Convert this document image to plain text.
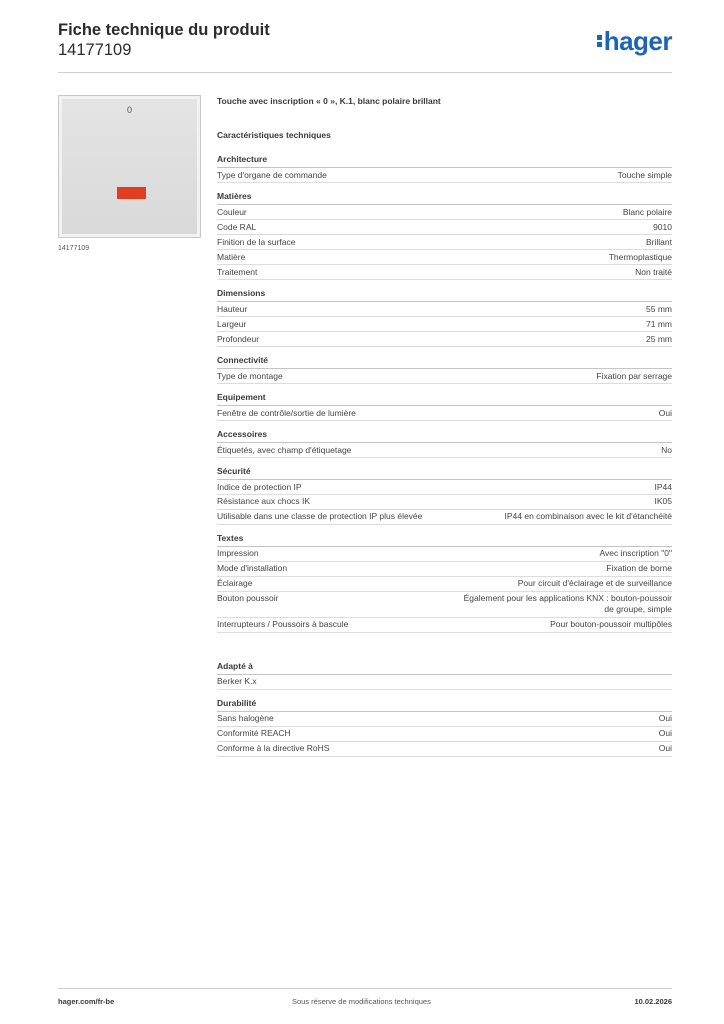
Fiche technique du produit
14177109	hager
0
14177109
Touche avec inscription « 0 », K.1, blanc polaire brillant
Caractéristiques techniques
Architecture
Type d'organe de commande	Touche simple
Matières
Couleur	Blanc polaire
Code RAL	9010
Finition de la surface	Brillant
Matière	Thermoplastique
Traitement	Non traité
Dimensions
Hauteur	55 mm
Largeur	71 mm
Profondeur	25 mm
Connectivité
Type de montage	Fixation par serrage
Equipement
Fenêtre de contrôle/sortie de lumière	Oui
Accessoires
Étiquetés, avec champ d'étiquetage	No
Sécurité
Indice de protection IP	IP44
Résistance aux chocs IK	IK05
Utilisable dans une classe de protection IP plus élevée	IP44 en combinaison avec le kit d'étanchéité
Textes
Impression	Avec inscription "0"
Mode d'installation	Fixation de borne
Éclairage	Pour circuit d'éclairage et de surveillance
Bouton poussoir	Également pour les applications KNX : bouton-poussoir de groupe, simple
Interrupteurs / Poussoirs à bascule	Pour bouton-poussoir multipôles
Adapté à
Berker K.x
Durabilité
Sans halogène	Oui
Conformité REACH	Oui
Conforme à la directive RoHS	Oui
hager.com/fr-be	Sous réserve de modifications techniques	10.02.2026
